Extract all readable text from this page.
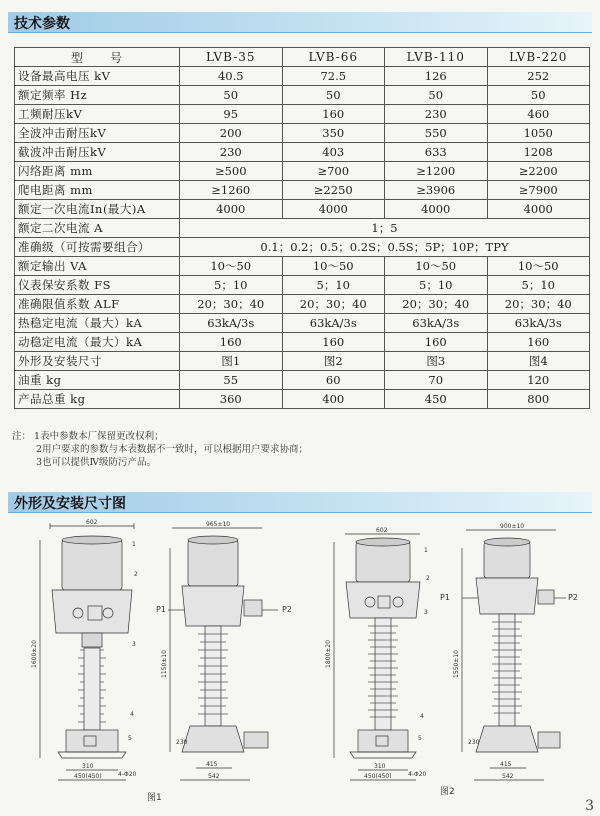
技术参数
型　　号	LVB-35	LVB-66	LVB-110	LVB-220
设备最高电压 kV	40.5	72.5	126	252
额定频率 Hz	50	50	50	50
工频耐压kV	95	160	230	460
全波冲击耐压kV	200	350	550	1050
截波冲击耐压kV	230	403	633	1208
闪络距离 mm	≥500	≥700	≥1200	≥2200
爬电距离 mm	≥1260	≥2250	≥3906	≥7900
额定一次电流In(最大)A	4000	4000	4000	4000
额定二次电流 A	1；5			
准确级（可按需要组合）	0.1；0.2；0.5；0.2S；0.5S；5P；10P；TPY			
额定输出 VA	10～50	10～50	10～50	10～50
仪表保安系数 FS	5；10	5；10	5；10	5；10
准确限值系数 ALF	20；30；40	20；30；40	20；30；40	20；30；40
热稳定电流（最大）kA	63kA/3s	63kA/3s	63kA/3s	63kA/3s
动稳定电流（最大）kA	160	160	160	160
外形及安装尺寸	图1	图2	图3	图4
油重 kg	55	60	70	120
产品总重 kg	360	400	450	800
注： 1表中参数本厂保留更改权利；
2用户要求的参数与本表数据不一致时，可以根据用户要求协商；
3也可以提供Ⅳ级防污产品。
外形及安装尺寸图
602
1600±20
310
450(450)	4-Φ20
1
2
3
4
5
965±10
P1	P2
1150±10
230
415
542
图1
602
1800±20
310
450(450)	4-Φ20
1
2
3
4
5
900±10
P1	P2
1550±10
230
415
542
图2
3
